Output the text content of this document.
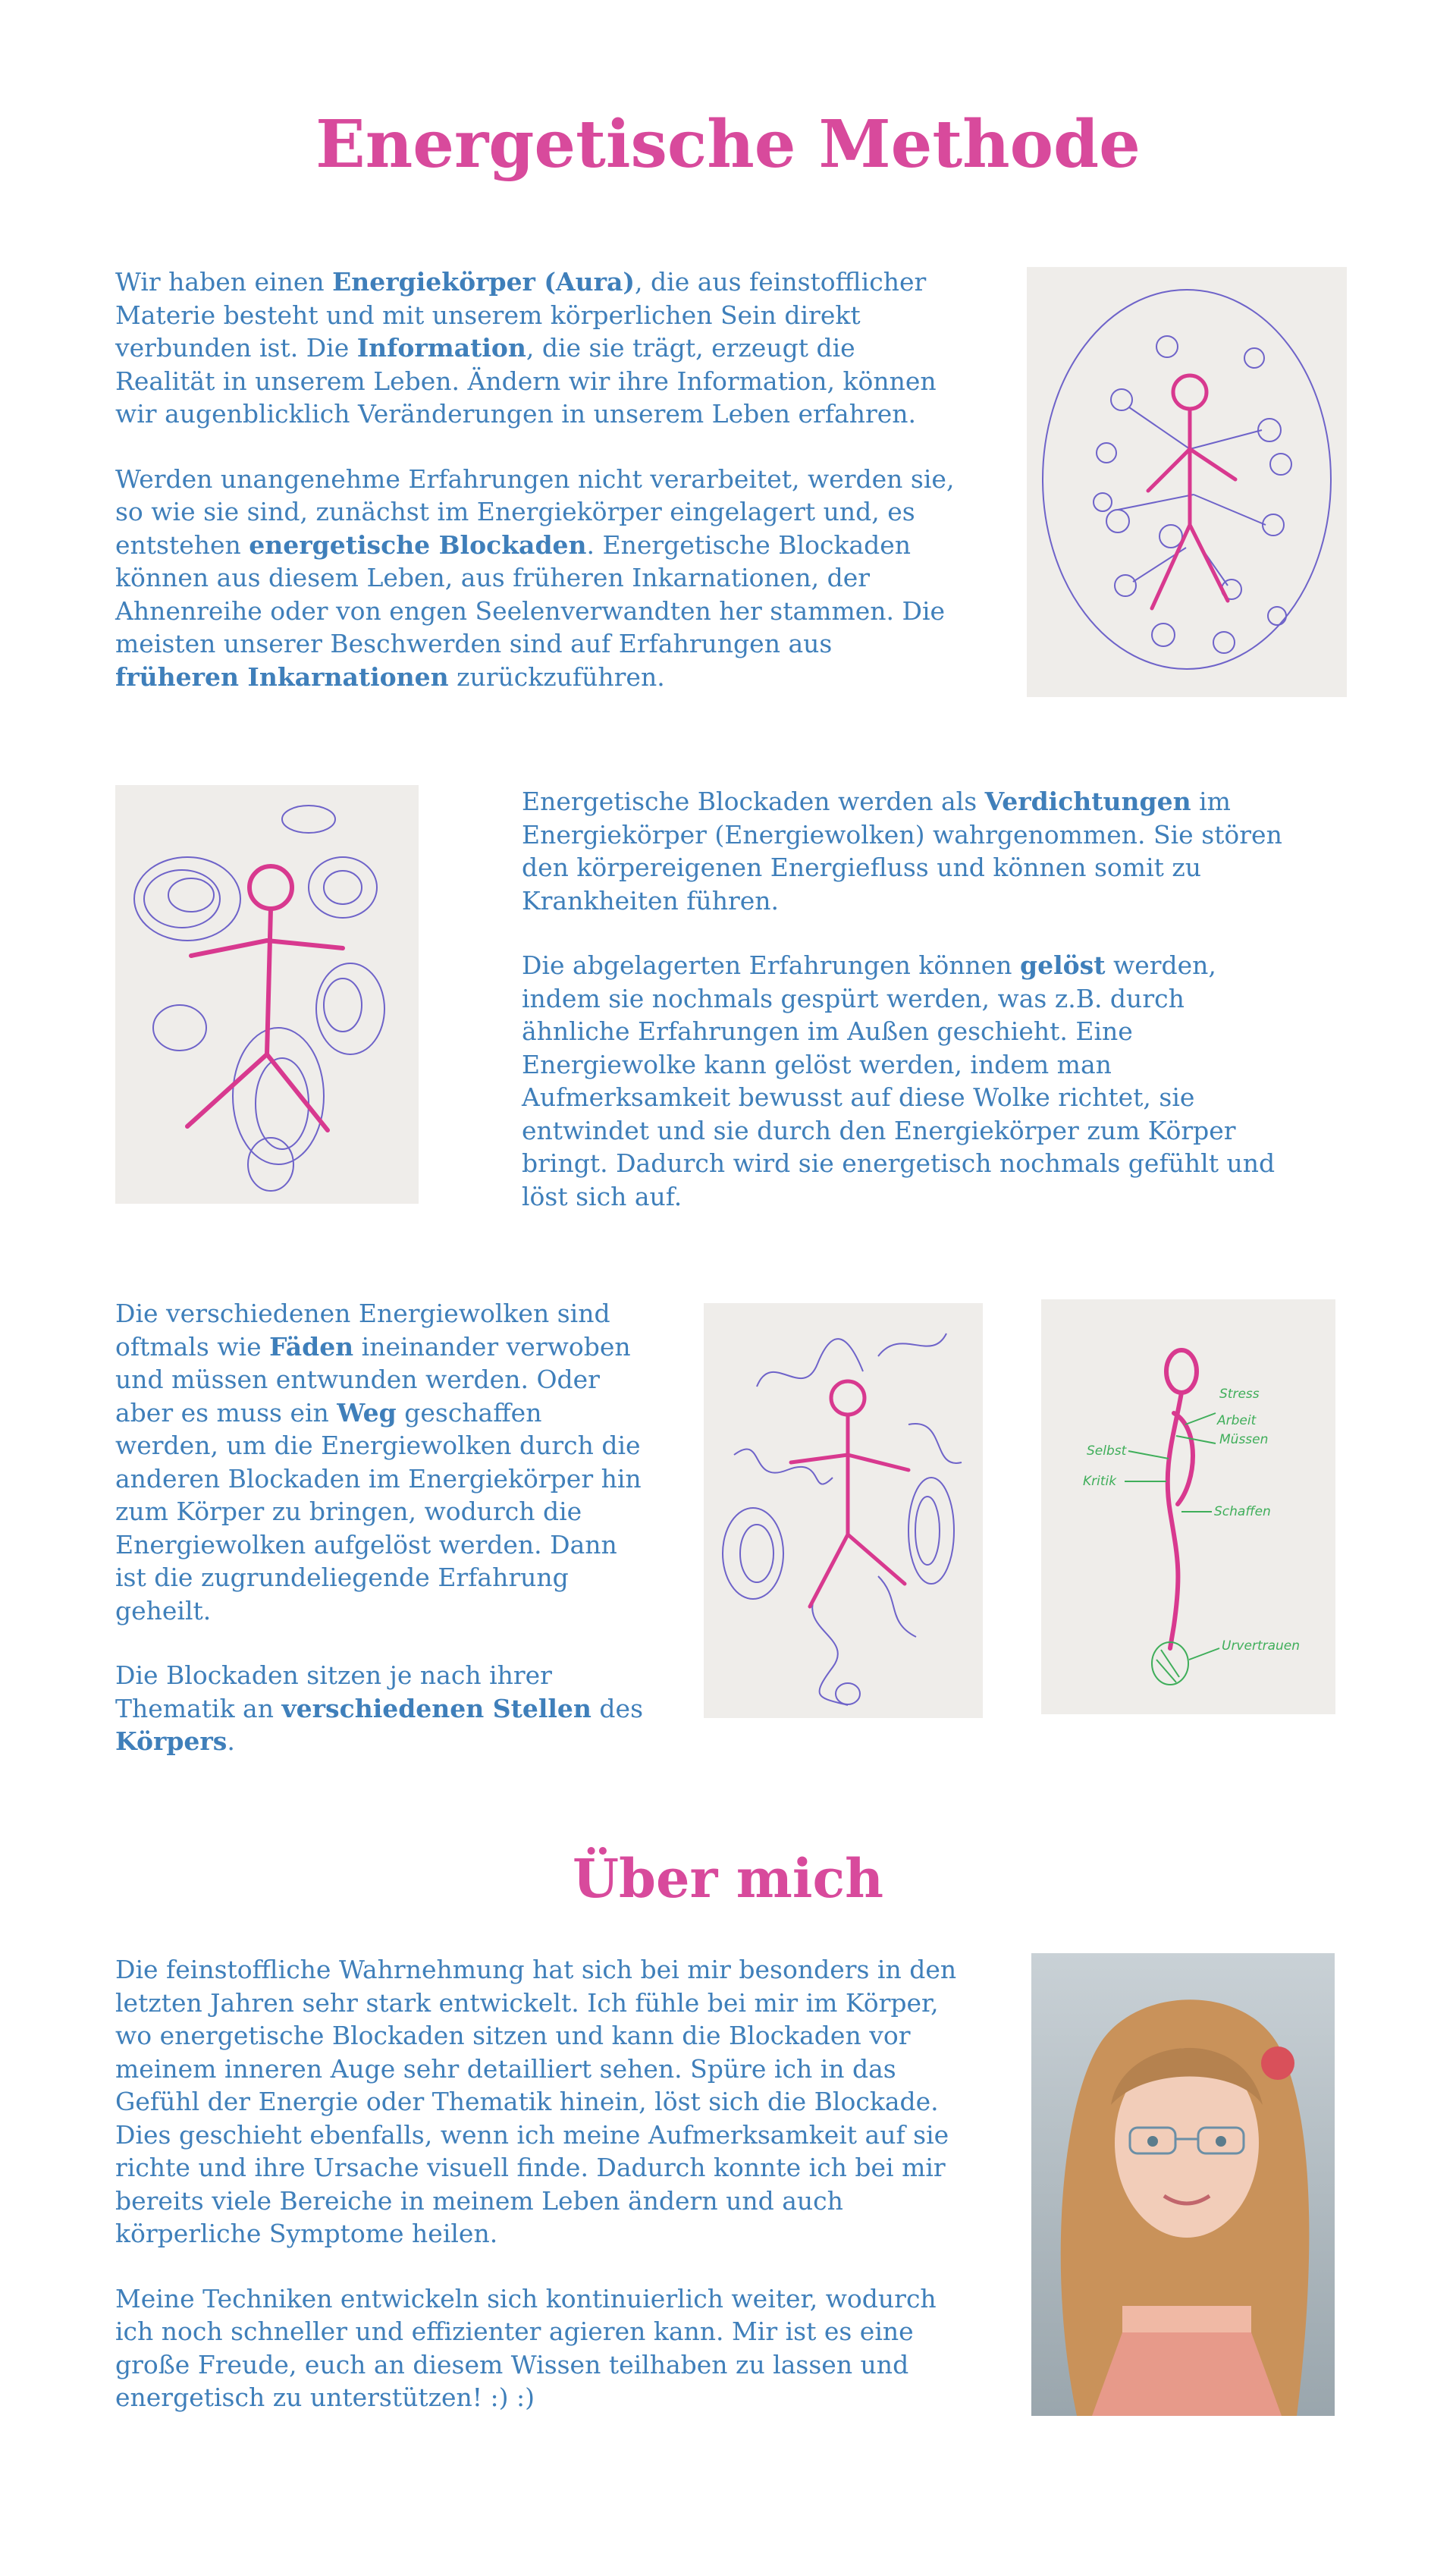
Energetische Methode

Wir haben einen Energiekörper (Aura), die aus feinstofflicher Materie besteht und mit unserem körperlichen Sein direkt verbunden ist. Die Information, die sie trägt, erzeugt die Realität in unserem Leben. Ändern wir ihre Information, können wir augenblicklich Veränderungen in unserem Leben erfahren.

Werden unangenehme Erfahrungen nicht verarbeitet, werden sie, so wie sie sind, zunächst im Energiekörper eingelagert und, es entstehen energetische Blockaden. Energetische Blockaden können aus diesem Leben, aus früheren Inkarnationen, der Ahnenreihe oder von engen Seelenverwandten her stammen. Die meisten unserer Beschwerden sind auf Erfahrungen aus früheren Inkarnationen zurückzuführen.

Energetische Blockaden werden als Verdichtungen im Energiekörper (Energiewolken) wahrgenommen. Sie stören den körpereigenen Energiefluss und können somit zu Krankheiten führen.

Die abgelagerten Erfahrungen können gelöst werden, indem sie nochmals gespürt werden, was z.B. durch ähnliche Erfahrungen im Außen geschieht. Eine Energiewolke kann gelöst werden, indem man Aufmerksamkeit bewusst auf diese Wolke richtet, sie entwindet und sie durch den Energiekörper zum Körper bringt. Dadurch wird sie energetisch nochmals gefühlt und löst sich auf.

Die verschiedenen Energiewolken sind oftmals wie Fäden ineinander verwoben und müssen entwunden werden. Oder aber es muss ein Weg geschaffen werden, um die Energiewolken durch die anderen Blockaden im Energiekörper hin zum Körper zu bringen, wodurch die Energiewolken aufgelöst werden. Dann ist die zugrundeliegende Erfahrung geheilt.

Die Blockaden sitzen je nach ihrer Thematik an verschiedenen Stellen des Körpers.

Stress
Arbeit
Müssen
Selbst
Kritik
Schaffen
Urvertrauen
Über mich

Die feinstoffliche Wahrnehmung hat sich bei mir besonders in den letzten Jahren sehr stark entwickelt. Ich fühle bei mir im Körper, wo energetische Blockaden sitzen und kann die Blockaden vor meinem inneren Auge sehr detailliert sehen. Spüre ich in das Gefühl der Energie oder Thematik hinein, löst sich die Blockade. Dies geschieht ebenfalls, wenn ich meine Aufmerksamkeit auf sie richte und ihre Ursache visuell finde. Dadurch konnte ich bei mir bereits viele Bereiche in meinem Leben ändern und auch körperliche Symptome heilen.

Meine Techniken entwickeln sich kontinuierlich weiter, wodurch ich noch schneller und effizienter agieren kann. Mir ist es eine große Freude, euch an diesem Wissen teilhaben zu lassen und energetisch zu unterstützen! :) :)
